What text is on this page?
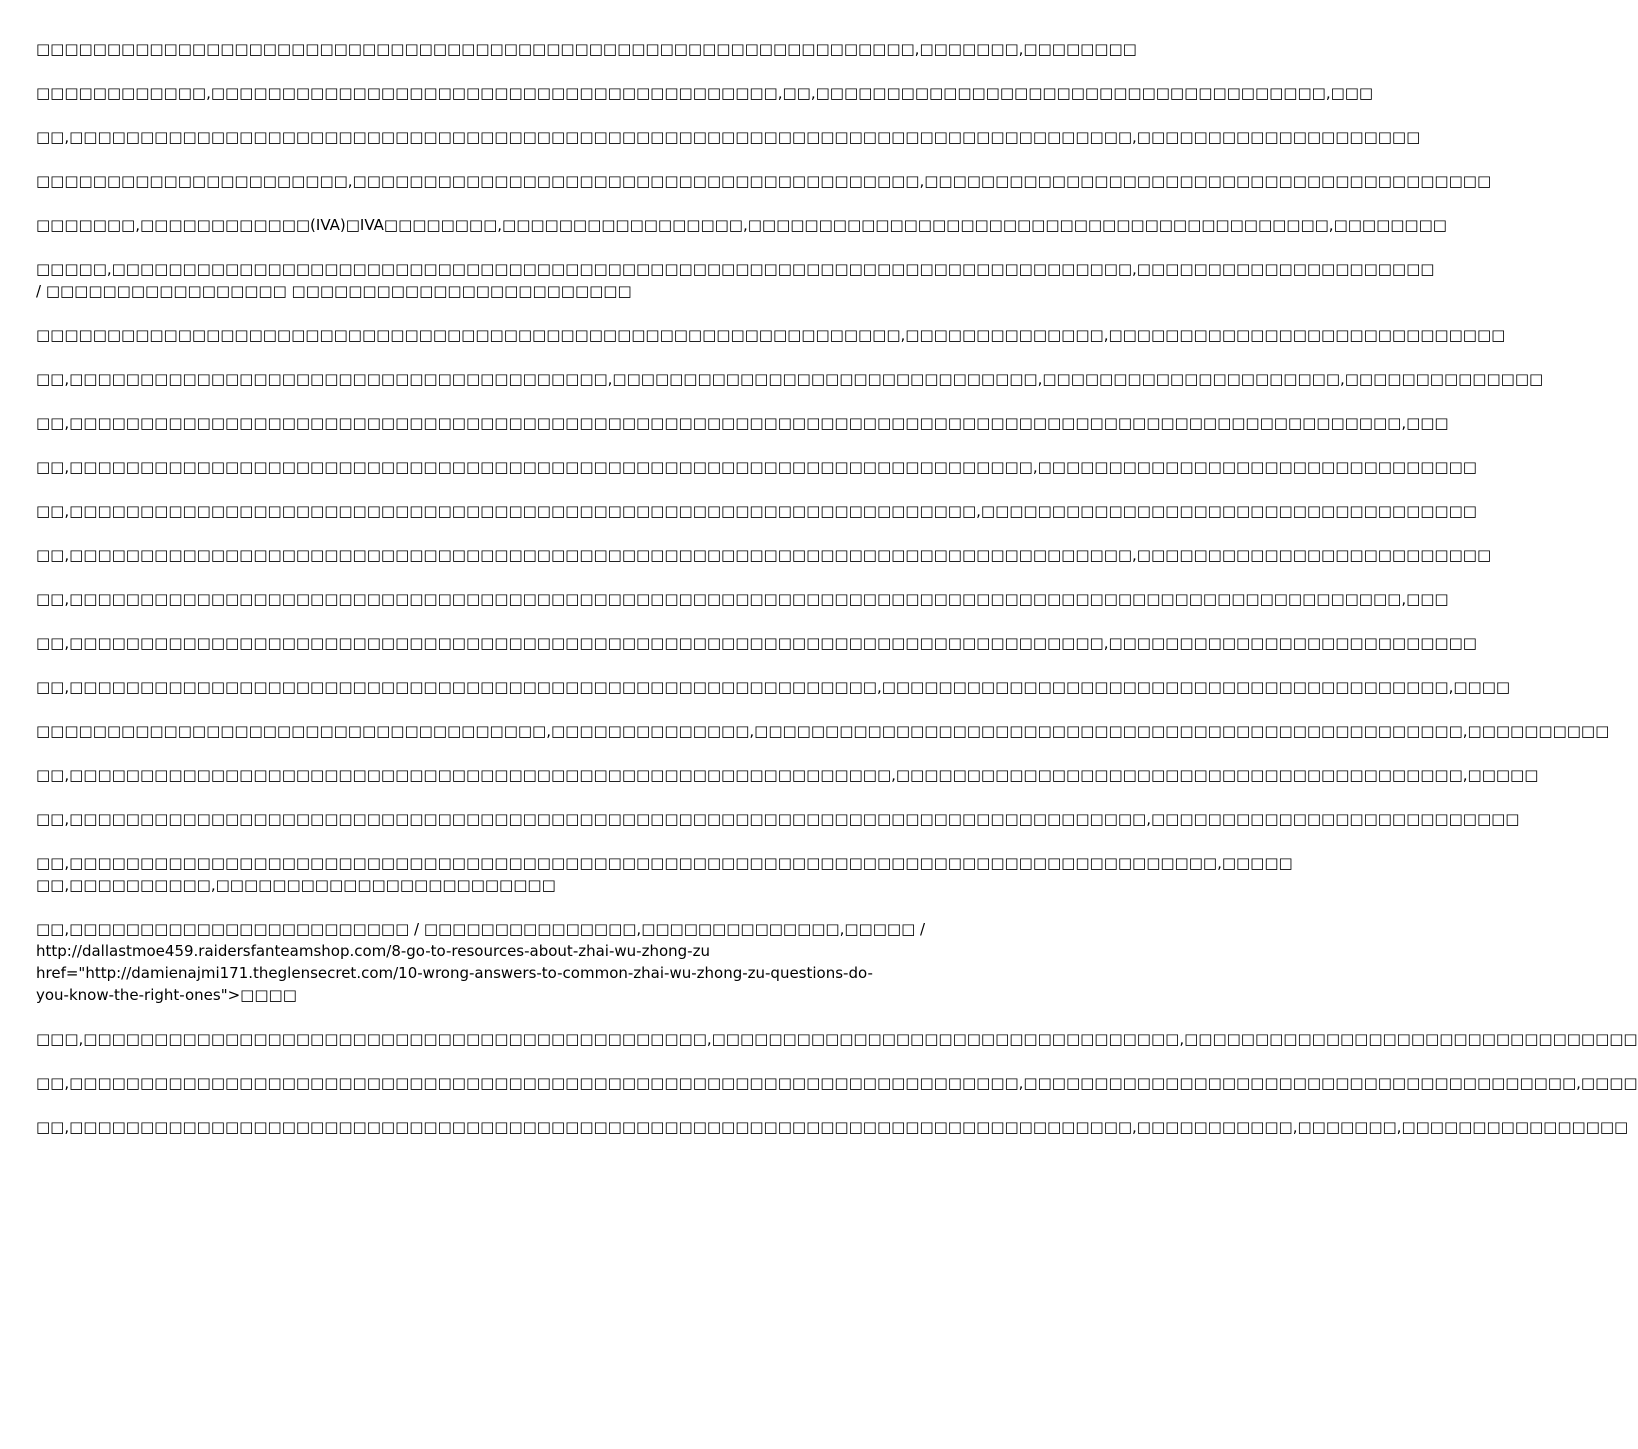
□□□□□□□□□□□□□□□□□□□□□□□□□□□□□□□□□□□□□□□□□□□□□□□□□□□□□□□□□□□□□□,□□□□□□□,□□□□□□□□

□□□□□□□□□□□□,□□□□□□□□□□□□□□□□□□□□□□□□□□□□□□□□□□□□□□□□,□□,□□□□□□□□□□□□□□□□□□□□□□□□□□□□□□□□□□□□,□□□

□□,□□□□□□□□□□□□□□□□□□□□□□□□□□□□□□□□□□□□□□□□□□□□□□□□□□□□□□□□□□□□□□□□□□□□□□□□□□□,□□□□□□□□□□□□□□□□□□□□

□□□□□□□□□□□□□□□□□□□□□□,□□□□□□□□□□□□□□□□□□□□□□□□□□□□□□□□□□□□□□□□,□□□□□□□□□□□□□□□□□□□□□□□□□□□□□□□□□□□□□□□□

□□□□□□□,□□□□□□□□□□□□(IVA)□IVA□□□□□□□□,□□□□□□□□□□□□□□□□□,□□□□□□□□□□□□□□□□□□□□□□□□□□□□□□□□□□□□□□□□□,□□□□□□□□

□□□□□,□□□□□□□□□□□□□□□□□□□□□□□□□□□□□□□□□□□□□□□□□□□□□□□□□□□□□□□□□□□□□□□□□□□□□□□□,□□□□□□□□□□□□□□□□□□□□□
/ □□□□□□□□□□□□□□□□□ □□□□□□□□□□□□□□□□□□□□□□□□

□□□□□□□□□□□□□□□□□□□□□□□□□□□□□□□□□□□□□□□□□□□□□□□□□□□□□□□□□□□□□,□□□□□□□□□□□□□□,□□□□□□□□□□□□□□□□□□□□□□□□□□□□

□□,□□□□□□□□□□□□□□□□□□□□□□□□□□□□□□□□□□□□□□,□□□□□□□□□□□□□□□□□□□□□□□□□□□□□□,□□□□□□□□□□□□□□□□□□□□□,□□□□□□□□□□□□□□

□□,□□□□□□□□□□□□□□□□□□□□□□□□□□□□□□□□□□□□□□□□□□□□□□□□□□□□□□□□□□□□□□□□□□□□□□□□□□□□□□□□□□□□□□□□□□□□□□,□□□

□□,□□□□□□□□□□□□□□□□□□□□□□□□□□□□□□□□□□□□□□□□□□□□□□□□□□□□□□□□□□□□□□□□□□□□,□□□□□□□□□□□□□□□□□□□□□□□□□□□□□□□

□□,□□□□□□□□□□□□□□□□□□□□□□□□□□□□□□□□□□□□□□□□□□□□□□□□□□□□□□□□□□□□□□□□,□□□□□□□□□□□□□□□□□□□□□□□□□□□□□□□□□□□

□□,□□□□□□□□□□□□□□□□□□□□□□□□□□□□□□□□□□□□□□□□□□□□□□□□□□□□□□□□□□□□□□□□□□□□□□□□□□□,□□□□□□□□□□□□□□□□□□□□□□□□□

□□,□□□□□□□□□□□□□□□□□□□□□□□□□□□□□□□□□□□□□□□□□□□□□□□□□□□□□□□□□□□□□□□□□□□□□□□□□□□□□□□□□□□□□□□□□□□□□□,□□□

□□,□□□□□□□□□□□□□□□□□□□□□□□□□□□□□□□□□□□□□□□□□□□□□□□□□□□□□□□□□□□□□□□□□□□□□□□□□,□□□□□□□□□□□□□□□□□□□□□□□□□□

□□,□□□□□□□□□□□□□□□□□□□□□□□□□□□□□□□□□□□□□□□□□□□□□□□□□□□□□□□□□,□□□□□□□□□□□□□□□□□□□□□□□□□□□□□□□□□□□□□□□□,□□□□

□□□□□□□□□□□□□□□□□□□□□□□□□□□□□□□□□□□□,□□□□□□□□□□□□□□,□□□□□□□□□□□□□□□□□□□□□□□□□□□□□□□□□□□□□□□□□□□□□□□□□□,□□□□□□□□□□

□□,□□□□□□□□□□□□□□□□□□□□□□□□□□□□□□□□□□□□□□□□□□□□□□□□□□□□□□□□□□,□□□□□□□□□□□□□□□□□□□□□□□□□□□□□□□□□□□□□□□□,□□□□□

□□,□□□□□□□□□□□□□□□□□□□□□□□□□□□□□□□□□□□□□□□□□□□□□□□□□□□□□□□□□□□□□□□□□□□□□□□□□□□□,□□□□□□□□□□□□□□□□□□□□□□□□□□

□□,□□□□□□□□□□□□□□□□□□□□□□□□□□□□□□□□□□□□□□□□□□□□□□□□□□□□□□□□□□□□□□□□□□□□□□□□□□□□□□□□□,□□□□□
□□,□□□□□□□□□□,□□□□□□□□□□□□□□□□□□□□□□□□

□□,□□□□□□□□□□□□□□□□□□□□□□□□ / □□□□□□□□□□□□□□□,□□□□□□□□□□□□□□,□□□□□ /
http://dallastmoe459.raidersfanteamshop.com/8-go-to-resources-about-zhai-wu-zhong-zu
href="http://damienajmi171.theglensecret.com/10-wrong-answers-to-common-zhai-wu-zhong-zu-questions-do-
you-know-the-right-ones">□□□□

□□□,□□□□□□□□□□□□□□□□□□□□□□□□□□□□□□□□□□□□□□□□□□□□,□□□□□□□□□□□□□□□□□□□□□□□□□□□□□□□□□,□□□□□□□□□□□□□□□□□□□□□□□□□□□□□□□□

□□,□□□□□□□□□□□□□□□□□□□□□□□□□□□□□□□□□□□□□□□□□□□□□□□□□□□□□□□□□□□□□□□□□□□,□□□□□□□□□□□□□□□□□□□□□□□□□□□□□□□□□□□□□□□,□□□□

□□,□□□□□□□□□□□□□□□□□□□□□□□□□□□□□□□□□□□□□□□□□□□□□□□□□□□□□□□□□□□□□□□□□□□□□□□□□□□,□□□□□□□□□□□,□□□□□□□,□□□□□□□□□□□□□□□□
